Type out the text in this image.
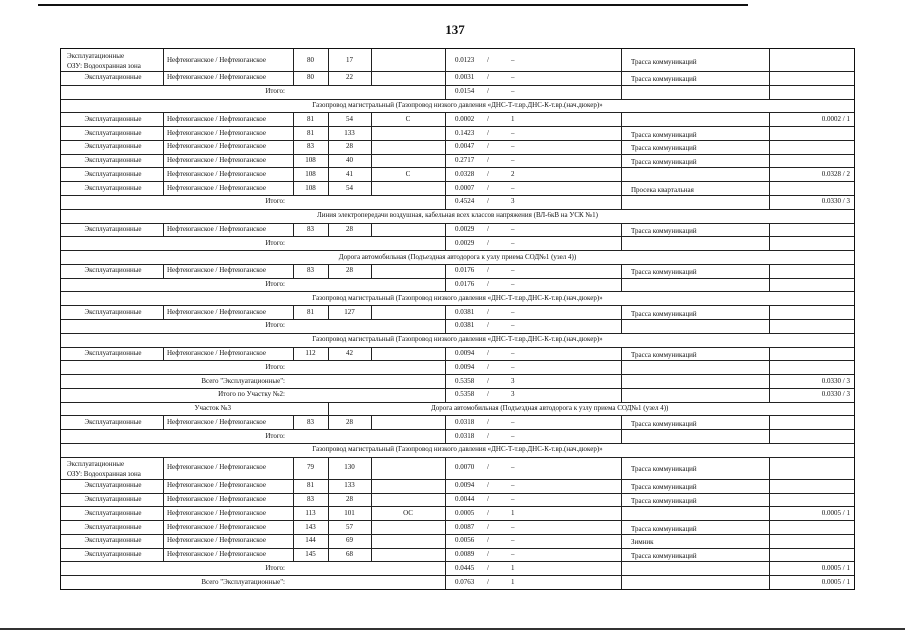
137
Эксплуатационные
ОЗУ: Водоохранная зона
Нефтеюганское / Нефтеюганское	80	17	0.0123 /	–	Трасса коммуникаций
Эксплуатационные	Нефтеюганское / Нефтеюганское	80	22	0.0031 /	–	Трасса коммуникаций
Итого:	0.0154 /	–
Газопровод магистральный (Газопровод низкого давления «ДНС-Т-т.вр.ДНС-К-т.вр.(нач.дюкер)»
Эксплуатационные	Нефтеюганское / Нефтеюганское	81	54	С	0.0002 /	1	0.0002 / 1
Эксплуатационные	Нефтеюганское / Нефтеюганское	81	133	0.1423 /	–	Трасса коммуникаций
Эксплуатационные	Нефтеюганское / Нефтеюганское	83	28	0.0047 /	–	Трасса коммуникаций
Эксплуатационные	Нефтеюганское / Нефтеюганское	108	40	0.2717 /	–	Трасса коммуникаций
Эксплуатационные	Нефтеюганское / Нефтеюганское	108	41	С	0.0328 /	2	0.0328 / 2
Эксплуатационные	Нефтеюганское / Нефтеюганское	108	54	0.0007 /	–	Просека квартальная
Итого:	0.4524 /	3	0.0330 / 3
Линия электропередачи воздушная, кабельная всех классов напряжения (ВЛ-6кВ на УСК №1)
Эксплуатационные	Нефтеюганское / Нефтеюганское	83	28	0.0029 /	–	Трасса коммуникаций
Итого:	0.0029 /	–
Дорога автомобильная (Подъездная автодорога к узлу приема СОД№1 (узел 4))
Эксплуатационные	Нефтеюганское / Нефтеюганское	83	28	0.0176 /	–	Трасса коммуникаций
Итого:	0.0176 /	–
Газопровод магистральный (Газопровод низкого давления «ДНС-Т-т.вр.ДНС-К-т.вр.(нач.дюкер)»
Эксплуатационные	Нефтеюганское / Нефтеюганское	81	127	0.0381 /	–	Трасса коммуникаций
Итого:	0.0381 /	–
Газопровод магистральный (Газопровод низкого давления «ДНС-Т-т.вр.ДНС-К-т.вр.(нач.дюкер)»
Эксплуатационные	Нефтеюганское / Нефтеюганское	112	42	0.0094 /	–	Трасса коммуникаций
Итого:	0.0094 /	–
Всего "Эксплуатационные":	0.5358 /	3	0.0330 / 3
Итого по Участку №2:	0.5358 /	3	0.0330 / 3
Участок №3	Дорога автомобильная (Подъездная автодорога к узлу приема СОД№1 (узел 4))
Эксплуатационные	Нефтеюганское / Нефтеюганское	83	28	0.0318 /	–	Трасса коммуникаций
Итого:	0.0318 /	–
Газопровод магистральный (Газопровод низкого давления «ДНС-Т-т.вр.ДНС-К-т.вр.(нач.дюкер)»
Эксплуатационные
ОЗУ: Водоохранная зона
Нефтеюганское / Нефтеюганское	79	130	0.0070 /	–	Трасса коммуникаций
Эксплуатационные	Нефтеюганское / Нефтеюганское	81	133	0.0094 /	–	Трасса коммуникаций
Эксплуатационные	Нефтеюганское / Нефтеюганское	83	28	0.0044 /	–	Трасса коммуникаций
Эксплуатационные	Нефтеюганское / Нефтеюганское	113	101	ОС	0.0005 /	1	0.0005 / 1
Эксплуатационные	Нефтеюганское / Нефтеюганское	143	57	0.0087 /	–	Трасса коммуникаций
Эксплуатационные	Нефтеюганское / Нефтеюганское	144	69	0.0056 /	–	Зимник
Эксплуатационные	Нефтеюганское / Нефтеюганское	145	68	0.0089 /	–	Трасса коммуникаций
Итого:	0.0445 /	1	0.0005 / 1
Всего "Эксплуатационные":	0.0763 /	1	0.0005 / 1
